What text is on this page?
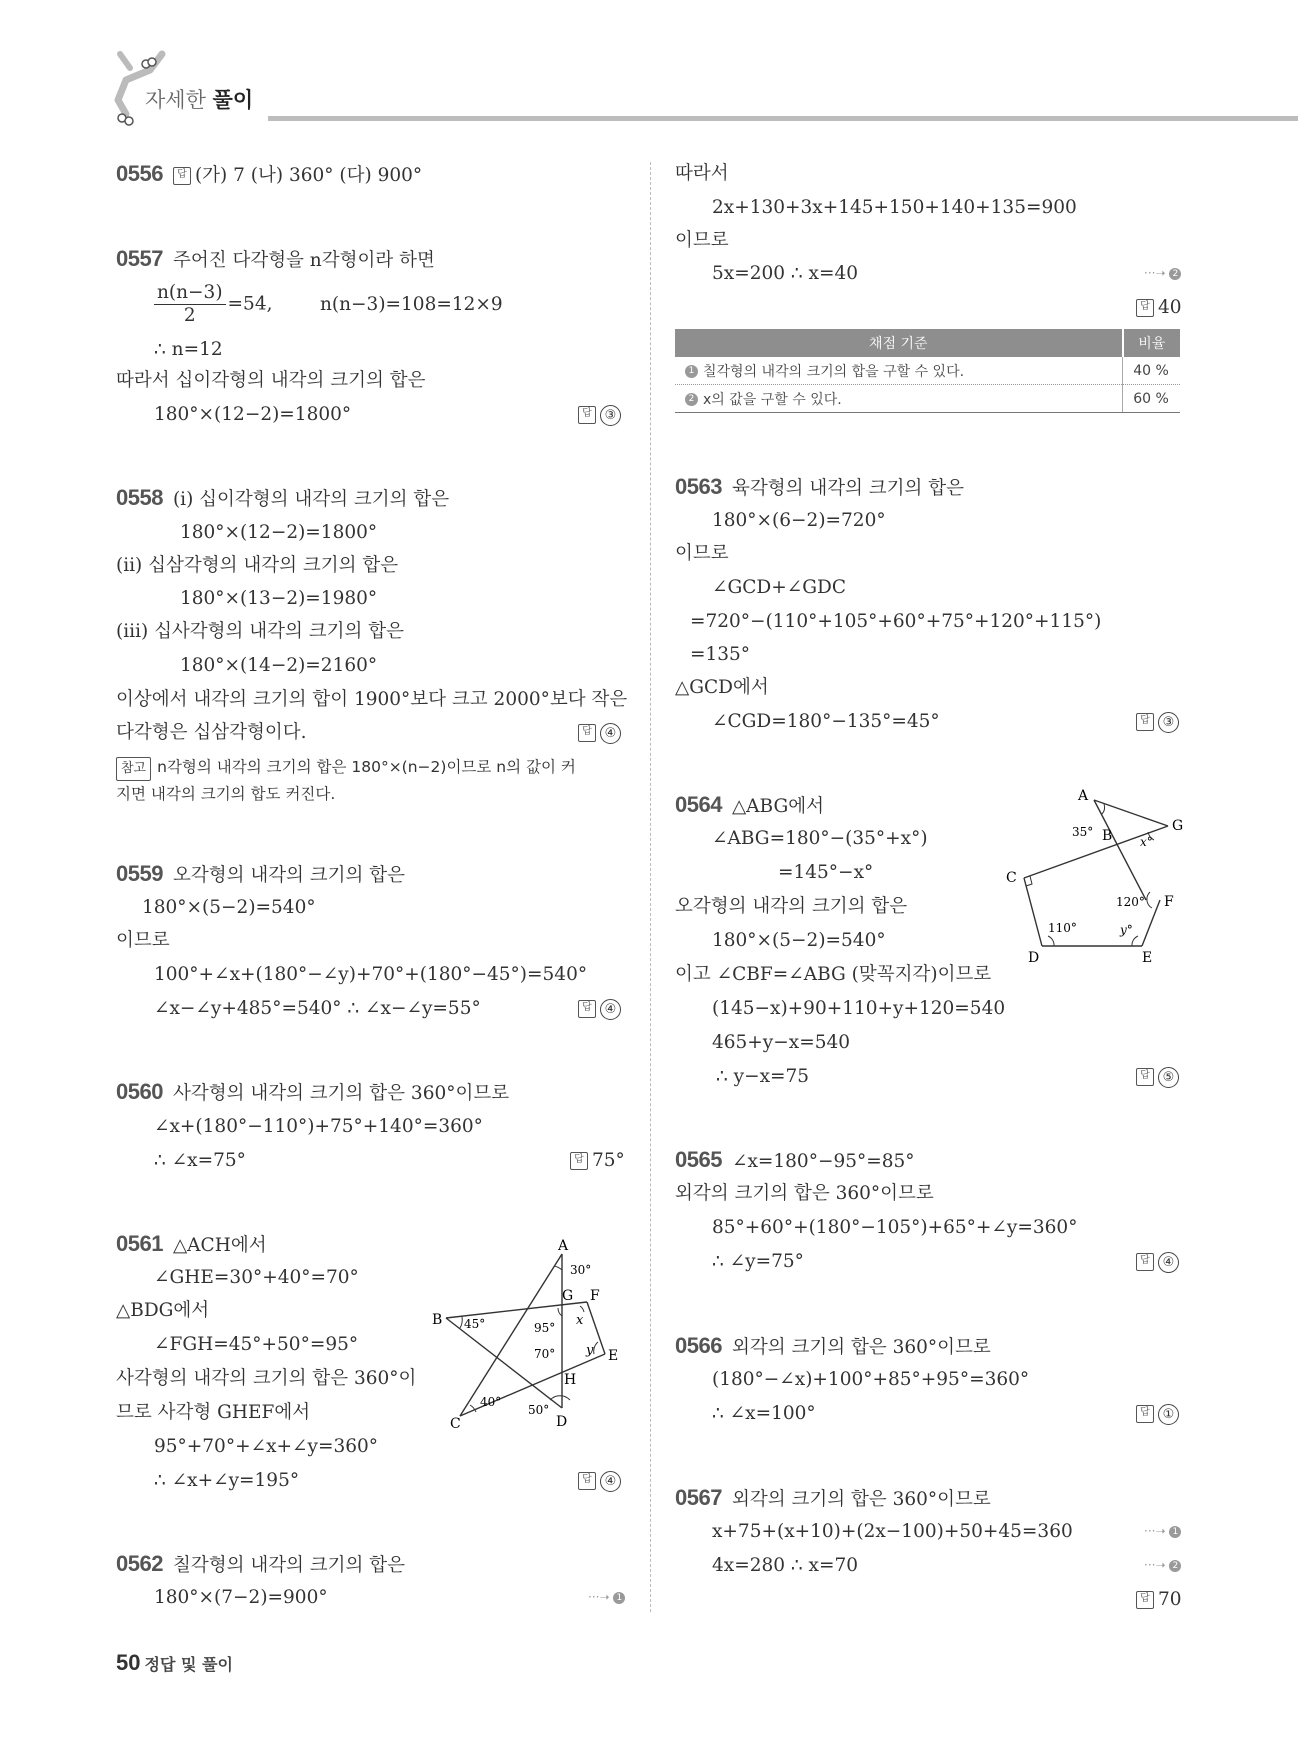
자세한 풀이
0556 답 (가) 7 (나) 360° (다) 900°
0557 주어진 다각형을 n각형이라 하면
$\frac{n(n-3)}{2} =54$,	n(n−3)=108=12×9
∴ n=12
따라서 십이각형의 내각의 크기의 합은
180°×(12−2)=1800°	답 ③
0558 (ⅰ) 십이각형의 내각의 크기의 합은
180°×(12−2)=1800°
(ⅱ) 십삼각형의 내각의 크기의 합은
180°×(13−2)=1980°
(ⅲ) 십사각형의 내각의 크기의 합은
180°×(14−2)=2160°
이상에서 내각의 크기의 합이 1900°보다 크고 2000°보다 작은
다각형은 십삼각형이다.	답 ④
참고 n각형의 내각의 크기의 합은 180°×(n−2)이므로 n의 값이 커
지면 내각의 크기의 합도 커진다.
0559 오각형의 내각의 크기의 합은
180°×(5−2)=540°
이므로
100°+∠x+(180°−∠y)+70°+(180°−45°)=540°
∠x−∠y+485°=540° ∴ ∠x−∠y=55°	답 ④
0560 사각형의 내각의 크기의 합은 360°이므로
∠x+(180°−110°)+75°+140°=360°
∴ ∠x=75°	답 75°
0561 △ACH에서
∠GHE=30°+40°=70°
△BDG에서
∠FGH=45°+50°=95°
사각형의 내각의 크기의 합은 360°이
므로 사각형 GHEF에서
95°+70°+∠x+∠y=360°
∴ ∠x+∠y=195°	답 ④
A
B
C	D
E
F
G
H
30°
45°	95°
70°
40°
50°
x
y
0562 칠각형의 내각의 크기의 합은
180°×(7−2)=900°	···➝ 1
따라서
2x+130+3x+145+150+140+135=900
이므로
5x=200 ∴ x=40	···➝ 2
답 40
채점 기준	비율
1 칠각형의 내각의 크기의 합을 구할 수 있다.	40 %
2 x의 값을 구할 수 있다.	60 %
0563 육각형의 내각의 크기의 합은
180°×(6−2)=720°
이므로
∠GCD+∠GDC
=720°−(110°+105°+60°+75°+120°+115°)
=135°
△GCD에서
∠CGD=180°−135°=45°	답 ③
0564 △ABG에서
∠ABG=180°−(35°+x°)
=145°−x°
오각형의 내각의 크기의 합은
180°×(5−2)=540°
이고 ∠CBF=∠ABG (맞꼭지각)이므로
(145−x)+90+110+y+120=540
465+y−x=540
∴ y−x=75	답 ⑤
A
B
C
D	E
F
G
35°
x°
120°
110°	y°
0565 ∠x=180°−95°=85°
외각의 크기의 합은 360°이므로
85°+60°+(180°−105°)+65°+∠y=360°
∴ ∠y=75°	답 ④
0566 외각의 크기의 합은 360°이므로
(180°−∠x)+100°+85°+95°=360°
∴ ∠x=100°	답 ①
0567 외각의 크기의 합은 360°이므로
x+75+(x+10)+(2x−100)+50+45=360	···➝ 1
4x=280 ∴ x=70	···➝ 2
답 70
50 정답 및 풀이
